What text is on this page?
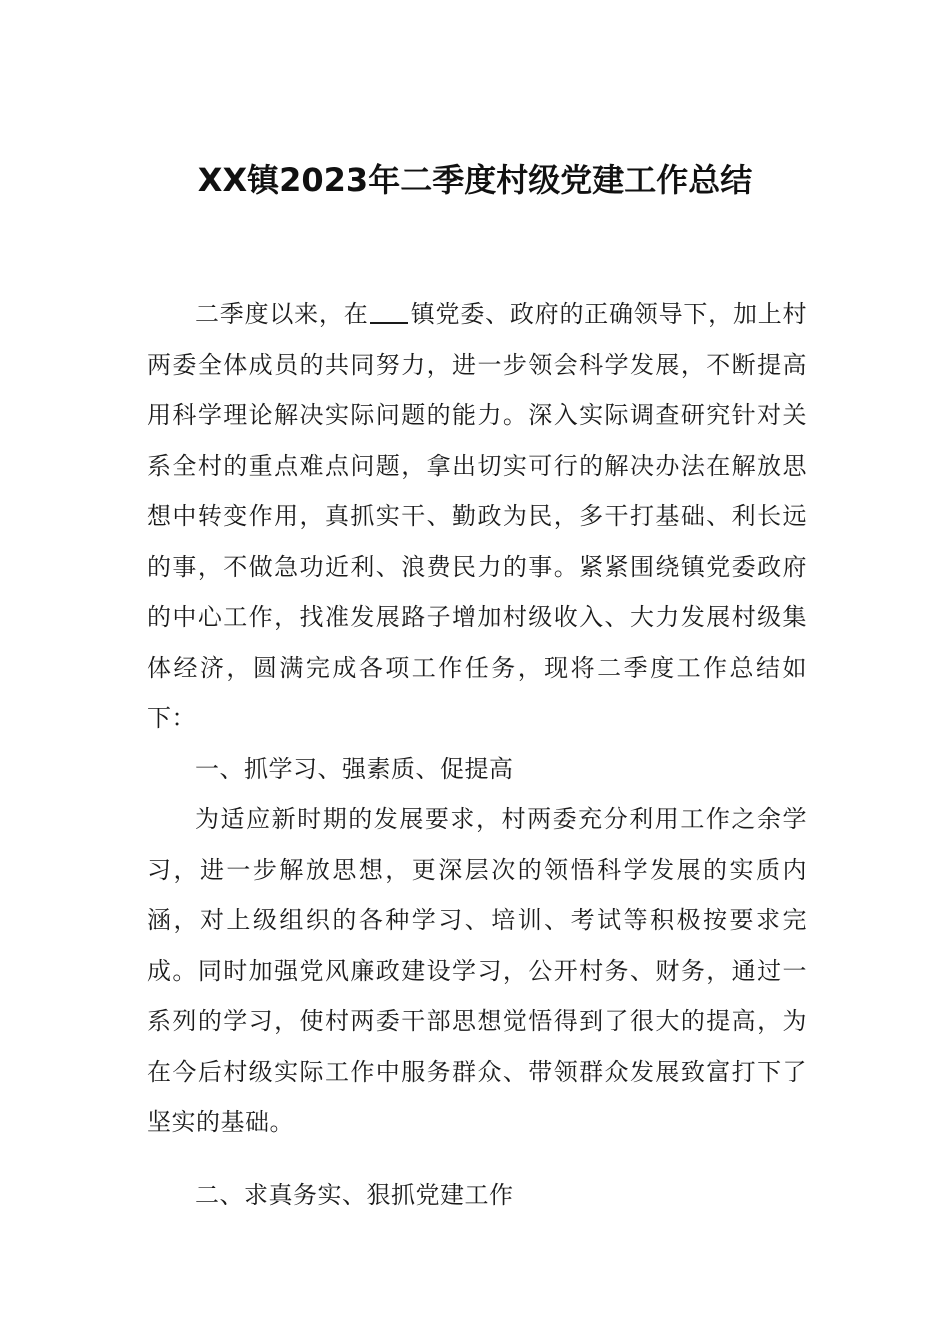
XX镇2023年二季度村级党建工作总结

二季度以来，在 镇党委、政府的正确领导下，加上村两委全体成员的共同努力，进一步领会科学发展，不断提高用科学理论解决实际问题的能力。深入实际调查研究针对关系全村的重点难点问题，拿出切实可行的解决办法在解放思想中转变作用，真抓实干、勤政为民，多干打基础、利长远的事，不做急功近利、浪费民力的事。紧紧围绕镇党委政府的中心工作，找准发展路子增加村级收入、大力发展村级集体经济，圆满完成各项工作任务，现将二季度工作总结如下：

一、抓学习、强素质、促提高

为适应新时期的发展要求，村两委充分利用工作之余学习，进一步解放思想，更深层次的领悟科学发展的实质内涵，对上级组织的各种学习、培训、考试等积极按要求完成。同时加强党风廉政建设学习，公开村务、财务，通过一系列的学习，使村两委干部思想觉悟得到了很大的提高，为在今后村级实际工作中服务群众、带领群众发展致富打下了坚实的基础。

二、求真务实、狠抓党建工作
